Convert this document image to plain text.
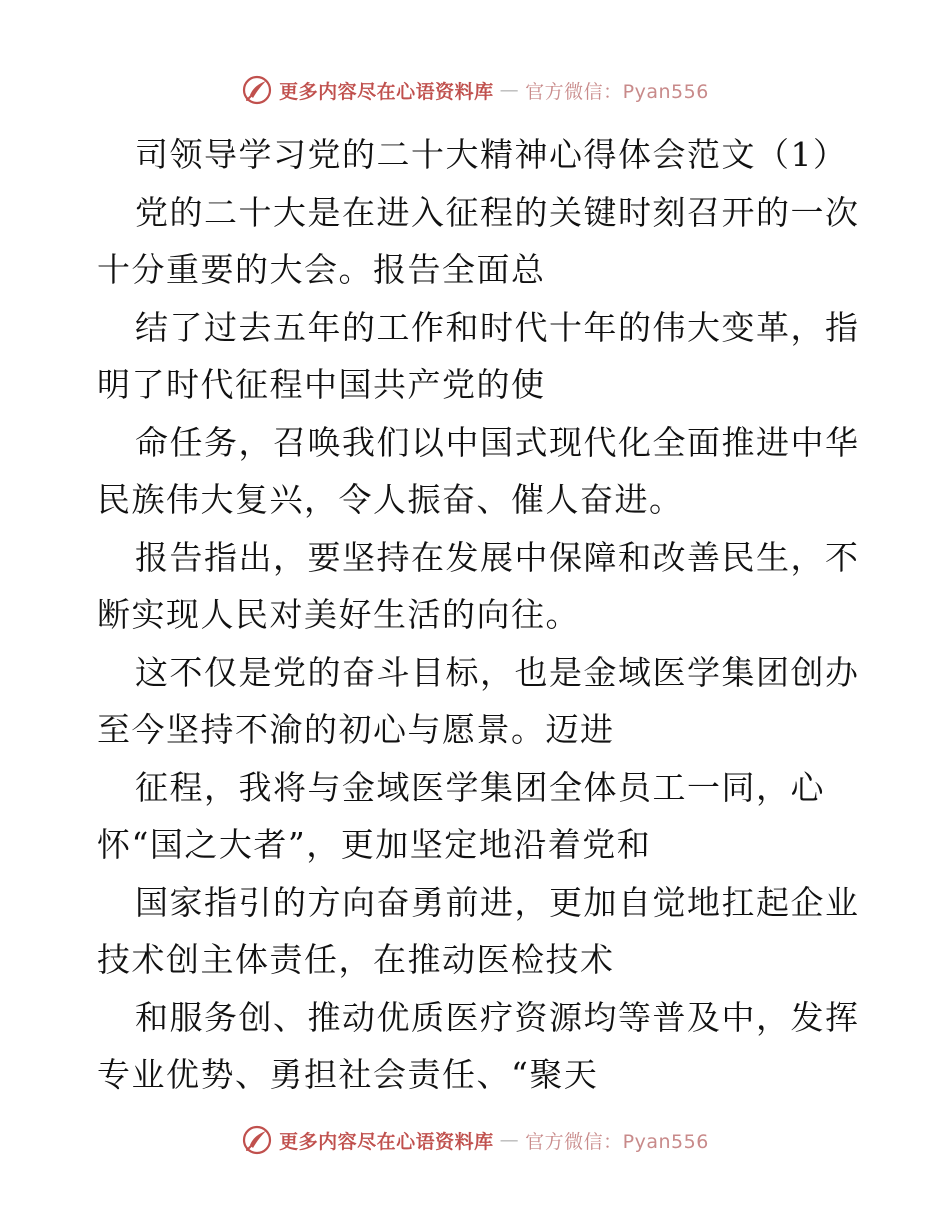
更多内容尽在心语资料库 — 官方微信：Pyan556
司领导学习党的二十大精神心得体会范文（1）
党的二十大是在进入征程的关键时刻召开的一次
十分重要的大会。报告全面总
结了过去五年的工作和时代十年的伟大变革，指
明了时代征程中国共产党的使
命任务，召唤我们以中国式现代化全面推进中华
民族伟大复兴，令人振奋、催人奋进。
报告指出，要坚持在发展中保障和改善民生，不
断实现人民对美好生活的向往。
这不仅是党的奋斗目标，也是金域医学集团创办
至今坚持不渝的初心与愿景。迈进
征程，我将与金域医学集团全体员工一同，心
怀“国之大者”，更加坚定地沿着党和
国家指引的方向奋勇前进，更加自觉地扛起企业
技术创主体责任，在推动医检技术
和服务创、推动优质医疗资源均等普及中，发挥
专业优势、勇担社会责任、“聚天
更多内容尽在心语资料库 — 官方微信：Pyan556
